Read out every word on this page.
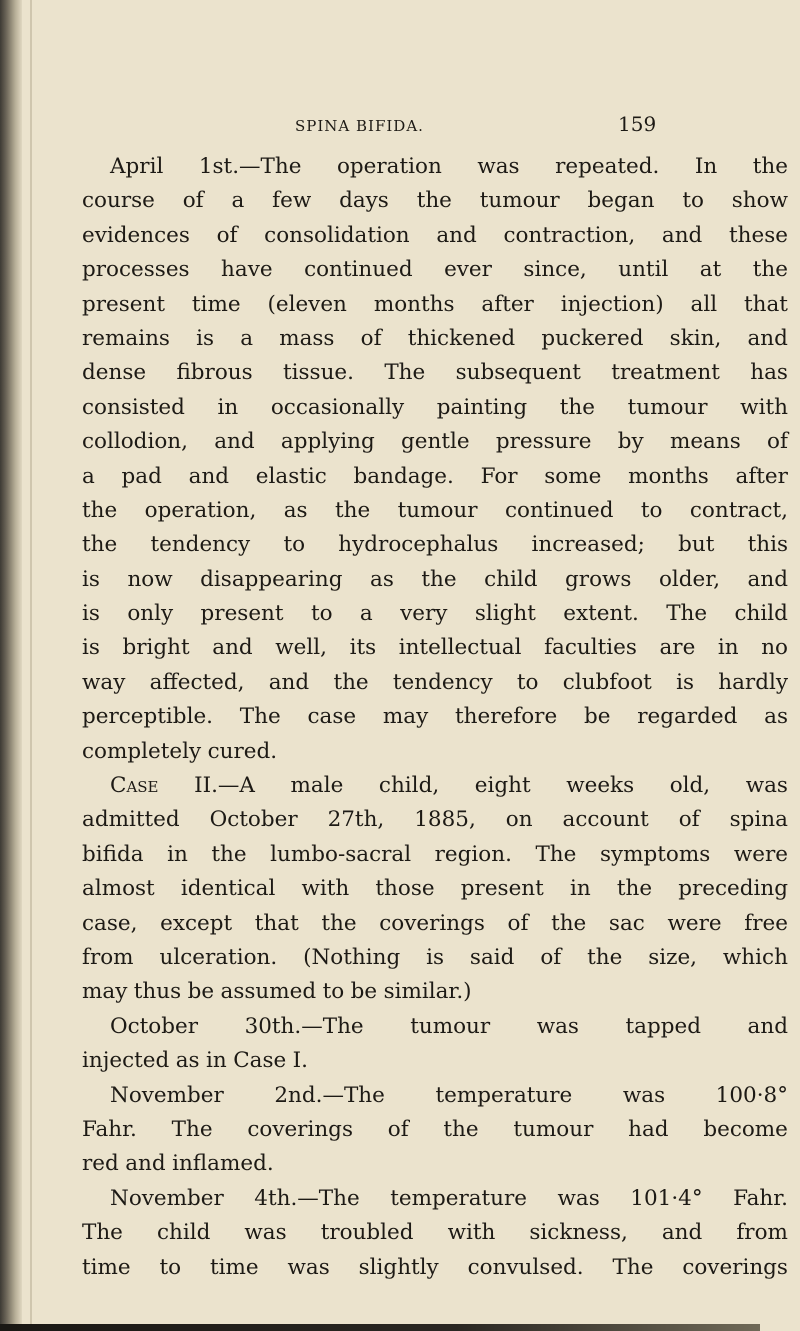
SPINA BIFIDA.	159
April 1st.—The operation was repeated. In the
course of a few days the tumour began to show
evidences of consolidation and contraction, and these
processes have continued ever since, until at the
present time (eleven months after injection) all that
remains is a mass of thickened puckered skin, and
dense fibrous tissue. The subsequent treatment has
consisted in occasionally painting the tumour with
collodion, and applying gentle pressure by means of
a pad and elastic bandage. For some months after
the operation, as the tumour continued to contract,
the tendency to hydrocephalus increased; but this
is now disappearing as the child grows older, and
is only present to a very slight extent. The child
is bright and well, its intellectual faculties are in no
way affected, and the tendency to clubfoot is hardly
perceptible. The case may therefore be regarded as
completely cured.
Case II.—A male child, eight weeks old, was
admitted October 27th, 1885, on account of spina
bifida in the lumbo-sacral region. The symptoms were
almost identical with those present in the preceding
case, except that the coverings of the sac were free
from ulceration. (Nothing is said of the size, which
may thus be assumed to be similar.)
October 30th.—The tumour was tapped and
injected as in Case I.
November 2nd.—The temperature was 100·8°
Fahr. The coverings of the tumour had become
red and inflamed.
November 4th.—The temperature was 101·4° Fahr.
The child was troubled with sickness, and from
time to time was slightly convulsed. The coverings
